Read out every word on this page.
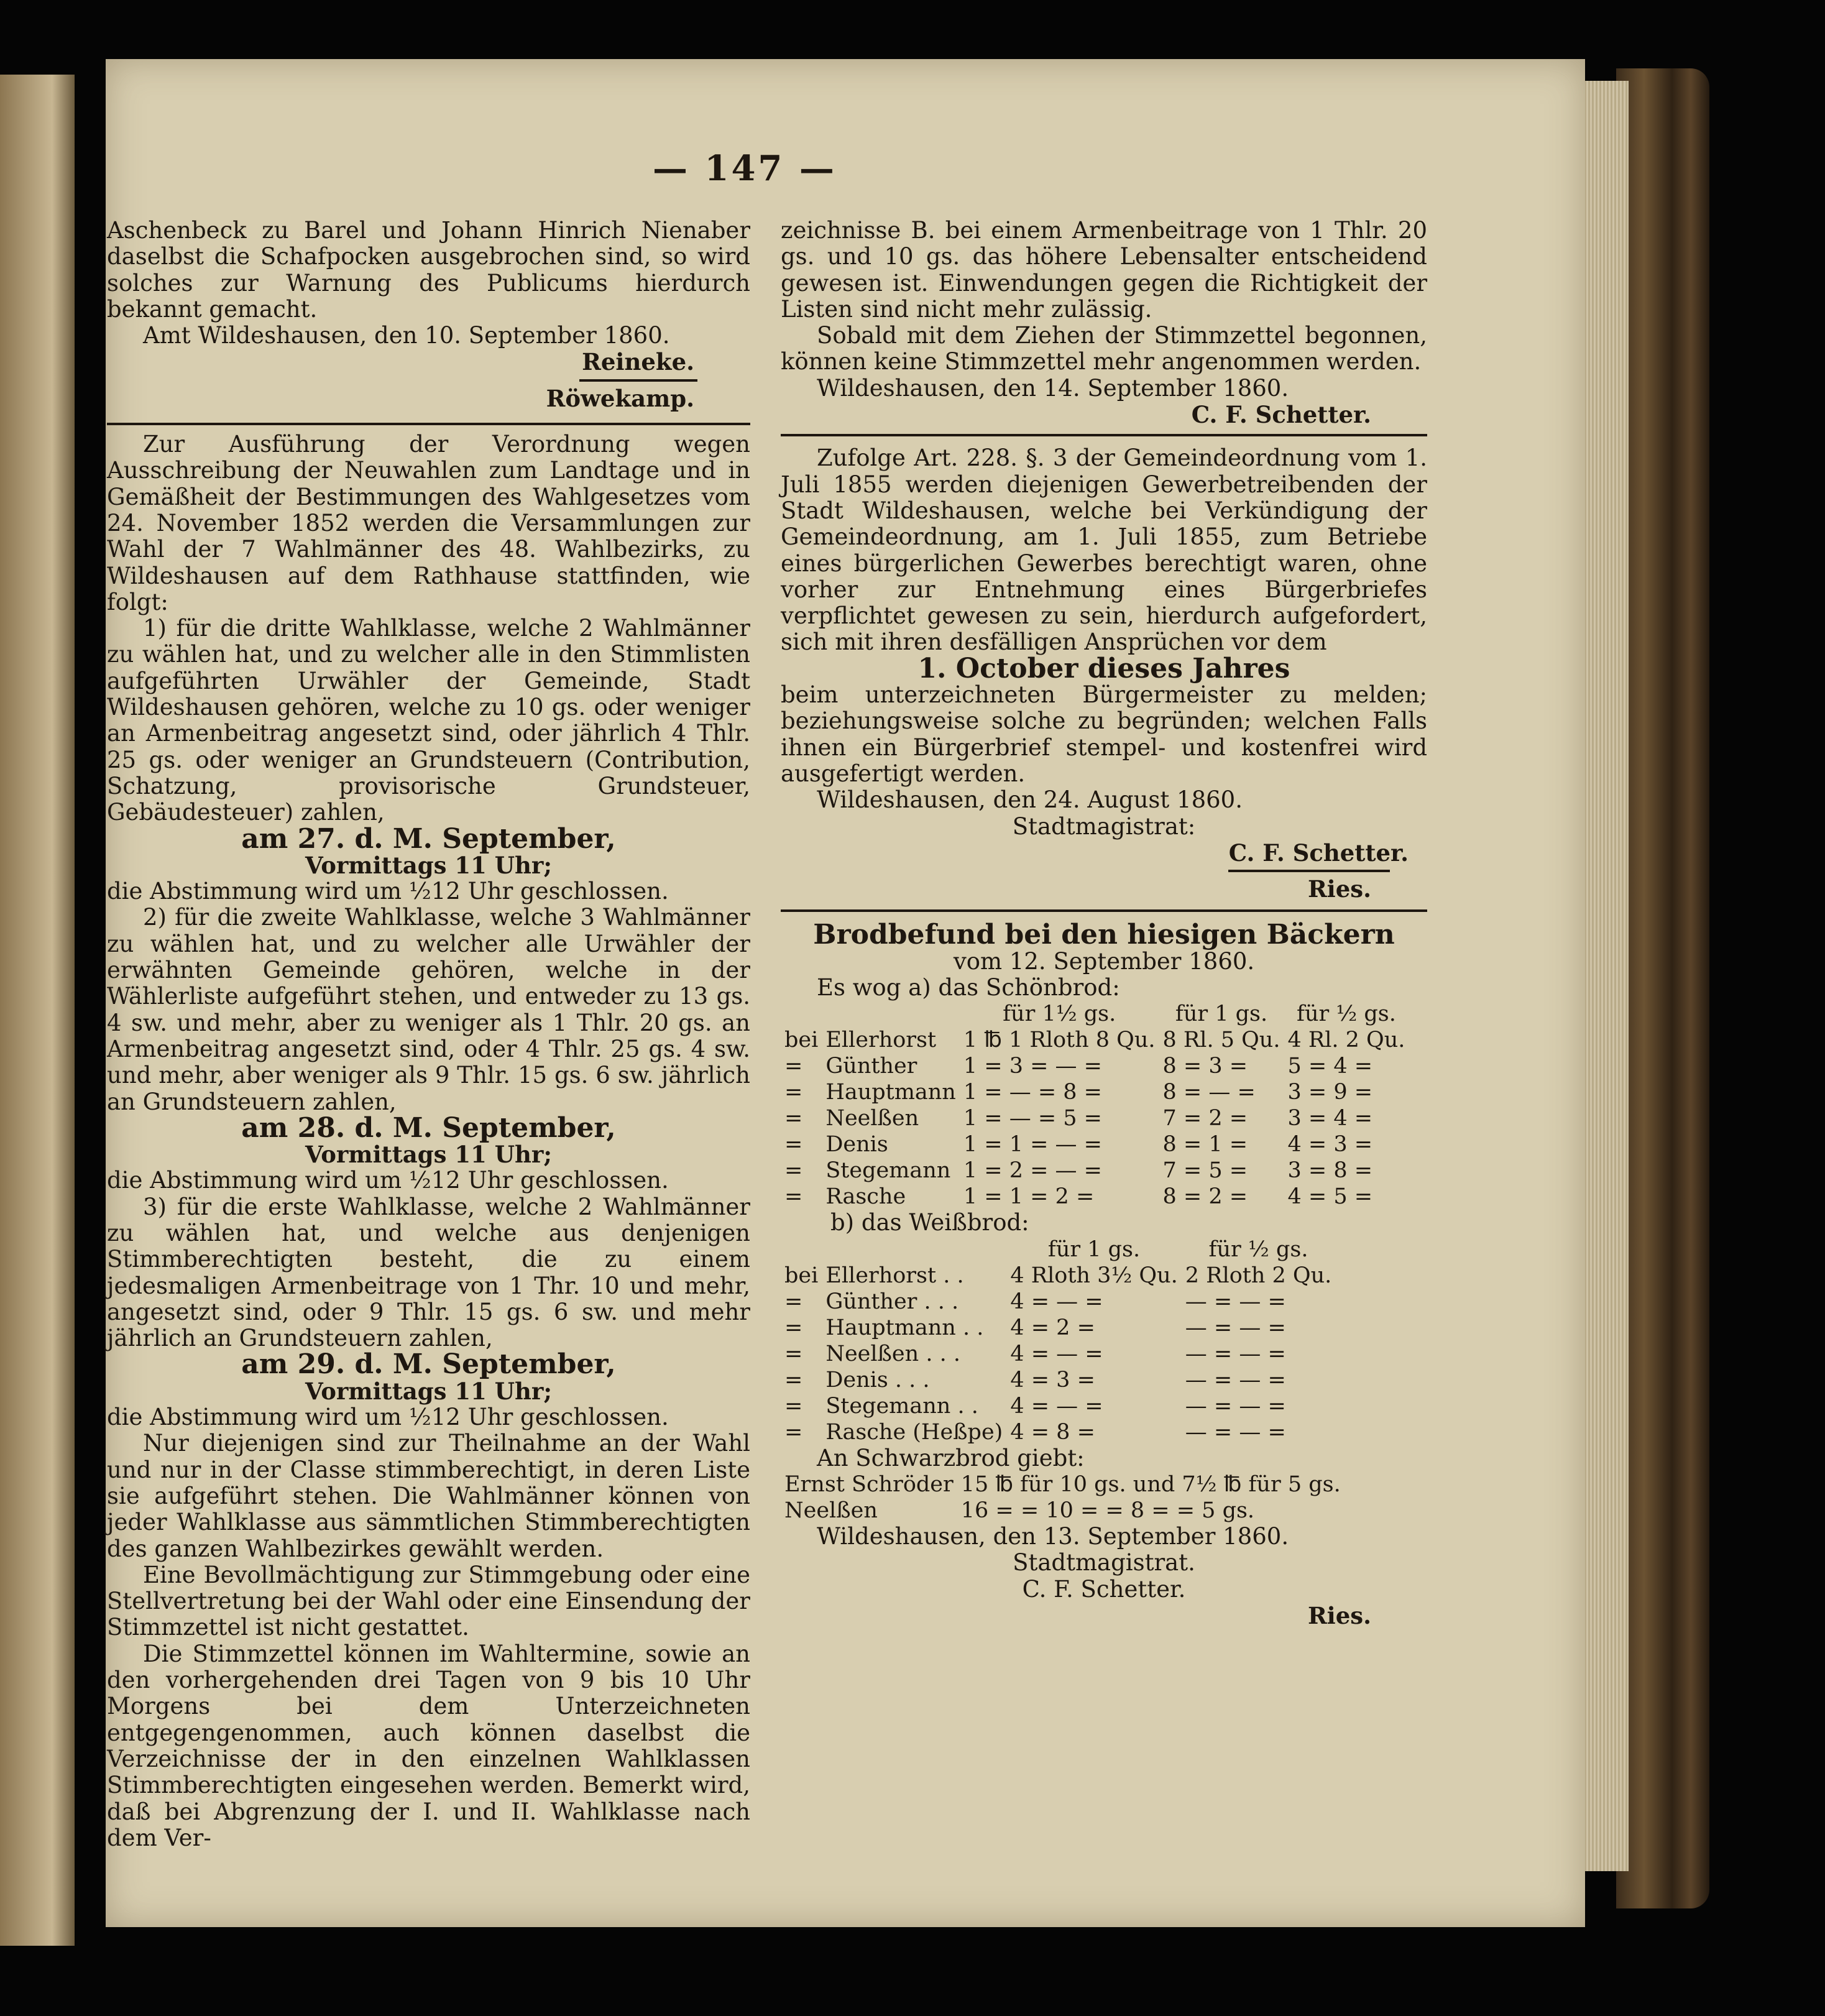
— 147 —

Aschenbeck zu Barel und Johann Hinrich Nienaber daselbst die Schafpocken ausgebrochen sind, so wird solches zur Warnung des Publicums hierdurch bekannt gemacht.

Amt Wildeshausen, den 10. September 1860.

Reineke.
Röwekamp.

Zur Ausführung der Verordnung wegen Ausschreibung der Neuwahlen zum Landtage und in Gemäßheit der Bestimmungen des Wahlgesetzes vom 24. November 1852 werden die Versammlungen zur Wahl der 7 Wahlmänner des 48. Wahlbezirks, zu Wildeshausen auf dem Rathhause stattfinden, wie folgt:

1) für die dritte Wahlklasse, welche 2 Wahlmänner zu wählen hat, und zu welcher alle in den Stimmlisten aufgeführten Urwähler der Gemeinde, Stadt Wildeshausen gehören, welche zu 10 gs. oder weniger an Armenbeitrag angesetzt sind, oder jährlich 4 Thlr. 25 gs. oder weniger an Grundsteuern (Contribution, Schatzung, provisorische Grundsteuer, Gebäudesteuer) zahlen,

am 27. d. M. September,

Vormittags 11 Uhr;

die Abstimmung wird um ½12 Uhr geschlossen.

2) für die zweite Wahlklasse, welche 3 Wahlmänner zu wählen hat, und zu welcher alle Urwähler der erwähnten Gemeinde gehören, welche in der Wählerliste aufgeführt stehen, und entweder zu 13 gs. 4 sw. und mehr, aber zu weniger als 1 Thlr. 20 gs. an Armenbeitrag angesetzt sind, oder 4 Thlr. 25 gs. 4 sw. und mehr, aber weniger als 9 Thlr. 15 gs. 6 sw. jährlich an Grundsteuern zahlen,

am 28. d. M. September,

Vormittags 11 Uhr;

die Abstimmung wird um ½12 Uhr geschlossen.

3) für die erste Wahlklasse, welche 2 Wahlmänner zu wählen hat, und welche aus denjenigen Stimmberechtigten besteht, die zu einem jedesmaligen Armenbeitrage von 1 Thr. 10 und mehr, angesetzt sind, oder 9 Thlr. 15 gs. 6 sw. und mehr jährlich an Grundsteuern zahlen,

am 29. d. M. September,

Vormittags 11 Uhr;

die Abstimmung wird um ½12 Uhr geschlossen.

Nur diejenigen sind zur Theilnahme an der Wahl und nur in der Classe stimmberechtigt, in deren Liste sie aufgeführt stehen. Die Wahlmänner können von jeder Wahlklasse aus sämmtlichen Stimmberechtigten des ganzen Wahlbezirkes gewählt werden.

Eine Bevollmächtigung zur Stimmgebung oder eine Stellvertretung bei der Wahl oder eine Einsendung der Stimmzettel ist nicht gestattet.

Die Stimmzettel können im Wahltermine, sowie an den vorhergehenden drei Tagen von 9 bis 10 Uhr Morgens bei dem Unterzeichneten entgegengenommen, auch können daselbst die Verzeichnisse der in den einzelnen Wahlklassen Stimmberechtigten eingesehen werden. Bemerkt wird, daß bei Abgrenzung der I. und II. Wahlklasse nach dem Ver-

zeichnisse B. bei einem Armenbeitrage von 1 Thlr. 20 gs. und 10 gs. das höhere Lebensalter entscheidend gewesen ist. Einwendungen gegen die Richtigkeit der Listen sind nicht mehr zulässig.

Sobald mit dem Ziehen der Stimmzettel begonnen, können keine Stimmzettel mehr angenommen werden.

Wildeshausen, den 14. September 1860.

C. F. Schetter.

Zufolge Art. 228. §. 3 der Gemeindeordnung vom 1. Juli 1855 werden diejenigen Gewerbetreibenden der Stadt Wildeshausen, welche bei Verkündigung der Gemeindeordnung, am 1. Juli 1855, zum Betriebe eines bürgerlichen Gewerbes berechtigt waren, ohne vorher zur Entnehmung eines Bürgerbriefes verpflichtet gewesen zu sein, hierdurch aufgefordert, sich mit ihren desfälligen Ansprüchen vor dem

1. October dieses Jahres

beim unterzeichneten Bürgermeister zu melden; beziehungsweise solche zu begründen; welchen Falls ihnen ein Bürgerbrief stempel- und kostenfrei wird ausgefertigt werden.

Wildeshausen, den 24. August 1860.

Stadtmagistrat:

C. F. Schetter.
Ries.

Brodbefund bei den hiesigen Bäckern

vom 12. September 1860.

Es wog a) das Schönbrod:

		für 1½ gs.	für 1 gs.	für ½ gs.
bei	Ellerhorst	1 ℔ 1 Rloth 8 Qu.	8 Rl. 5 Qu.	4 Rl. 2 Qu.
=	Günther	1 = 3 = — =	8 = 3 =	5 = 4 =
=	Hauptmann	1 = — = 8 =	8 = — =	3 = 9 =
=	Neelßen	1 = — = 5 =	7 = 2 =	3 = 4 =
=	Denis	1 = 1 = — =	8 = 1 =	4 = 3 =
=	Stegemann	1 = 2 = — =	7 = 5 =	3 = 8 =
=	Rasche	1 = 1 = 2 =	8 = 2 =	4 = 5 =

b) das Weißbrod:

		für 1 gs.	für ½ gs.
bei	Ellerhorst . .	4 Rloth 3½ Qu.	2 Rloth 2 Qu.
=	Günther . . .	4 = — =	— = — =
=	Hauptmann . .	4 = 2 =	— = — =
=	Neelßen . . .	4 = — =	— = — =
=	Denis . . .	4 = 3 =	— = — =
=	Stegemann . .	4 = — =	— = — =
=	Rasche (Heßpe)	4 = 8 =	— = — =

An Schwarzbrod giebt:

Ernst Schröder	15 ℔ für 10 gs. und 7½ ℔ für 5 gs.
Neelßen	16 = = 10 = = 8 = = 5 gs.

Wildeshausen, den 13. September 1860.

Stadtmagistrat.

C. F. Schetter.

Ries.
